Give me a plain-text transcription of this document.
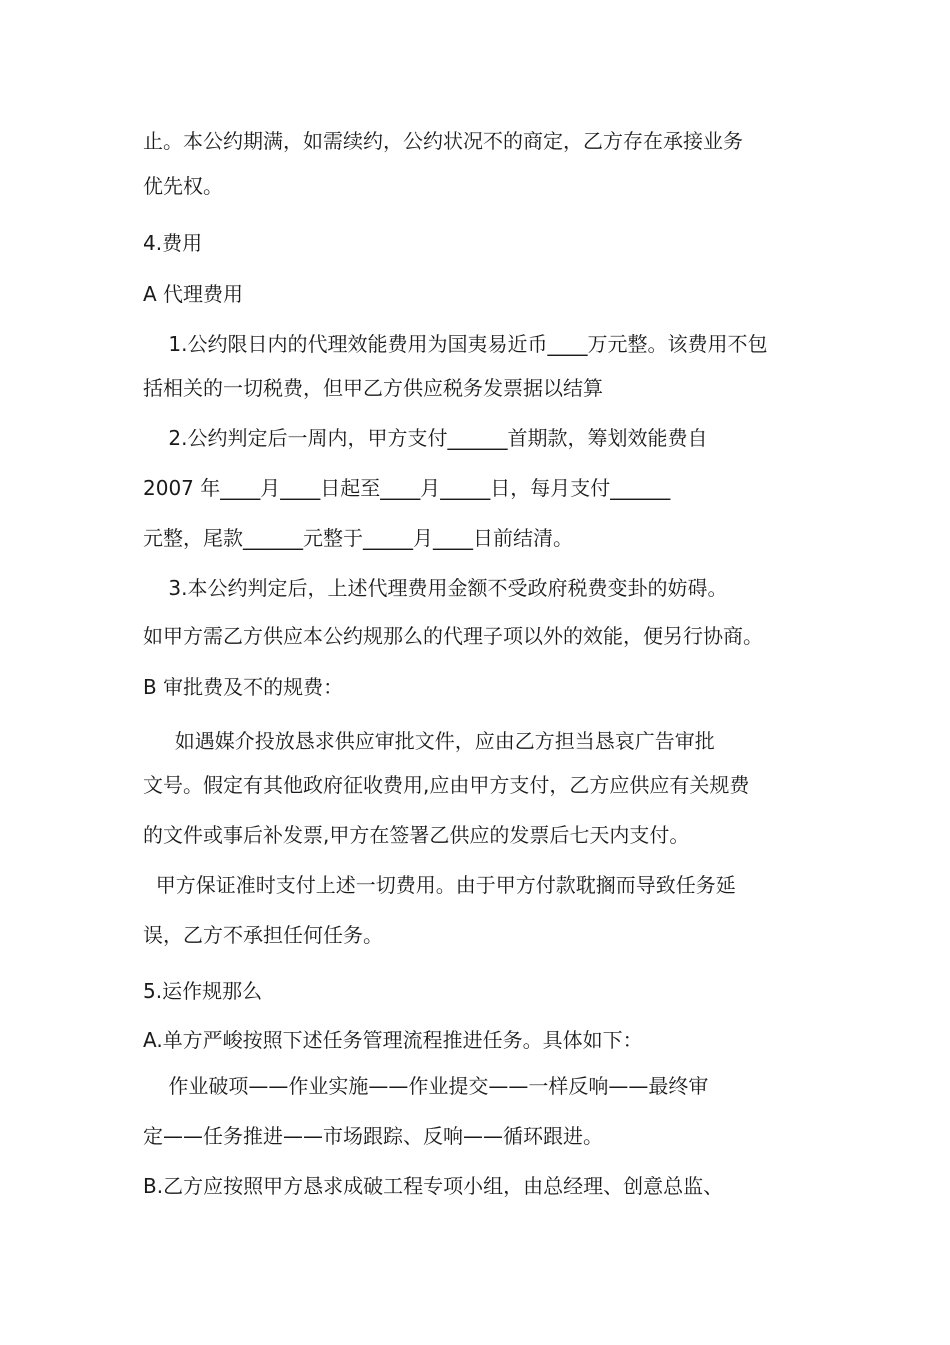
止。本公约期满，如需续约，公约状况不的商定，乙方存在承接业务

优先权。

4.费用

A 代理费用

1.公约限日内的代理效能费用为国夷易近币____万元整。该费用不包

括相关的一切税费，但甲乙方供应税务发票据以结算

2.公约判定后一周内，甲方支付______首期款，筹划效能费自

2007 年____月____日起至____月_____日，每月支付______

元整，尾款______元整于_____月____日前结清。

3.本公约判定后，上述代理费用金额不受政府税费变卦的妨碍。

如甲方需乙方供应本公约规那么的代理子项以外的效能，便另行协商。

B 审批费及不的规费：

如遇媒介投放恳求供应审批文件，应由乙方担当恳哀广告审批

文号。假定有其他政府征收费用,应由甲方支付，乙方应供应有关规费

的文件或事后补发票,甲方在签署乙供应的发票后七天内支付。

甲方保证准时支付上述一切费用。由于甲方付款耽搁而导致任务延

误，乙方不承担任何任务。

5.运作规那么

A.单方严峻按照下述任务管理流程推进任务。具体如下：

作业破项——作业实施——作业提交——一样反响——最终审

定——任务推进——市场跟踪、反响——循环跟进。

B.乙方应按照甲方恳求成破工程专项小组，由总经理、创意总监、
